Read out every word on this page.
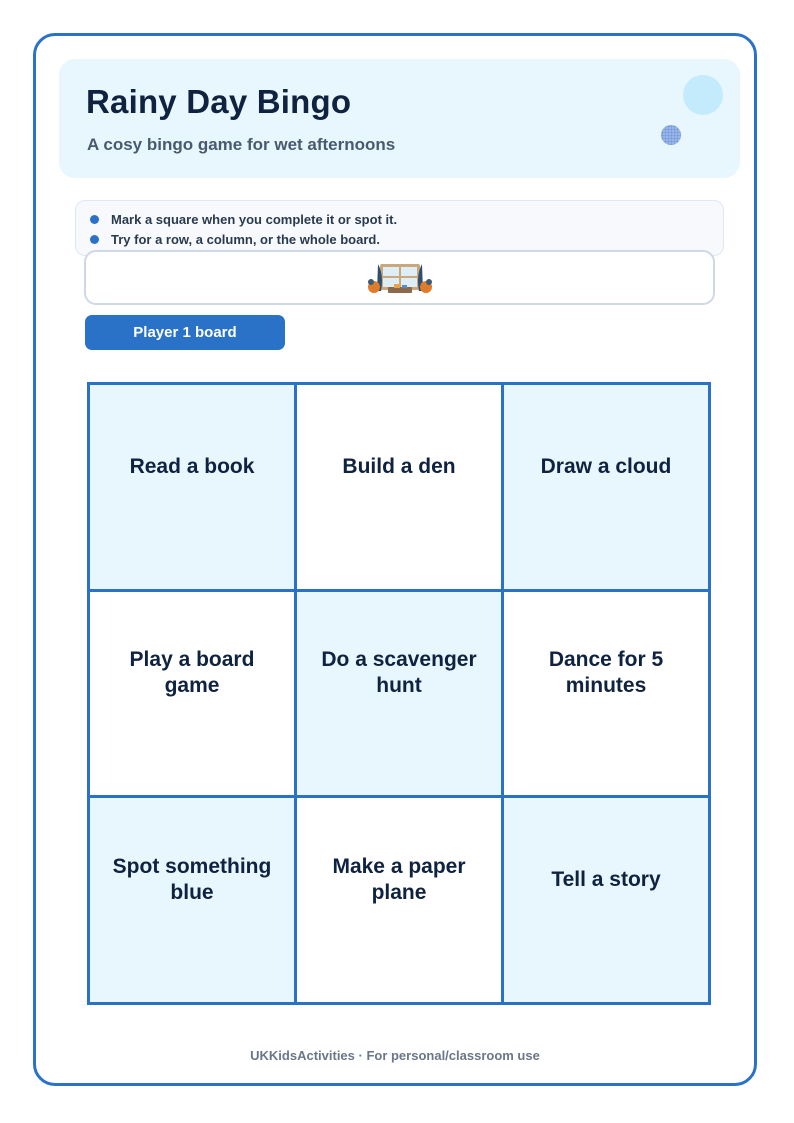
Rainy Day Bingo

A cosy bingo game for wet afternoons

Mark a square when you complete it or spot it.
Try for a row, a column, or the whole board.
Player 1 board
Read a book	Build a den	Draw a cloud
Play a board game
Do a scavenger hunt
Dance for 5 minutes
Spot something blue
Make a paper plane
Tell a story
UKKidsActivities · For personal/classroom use
